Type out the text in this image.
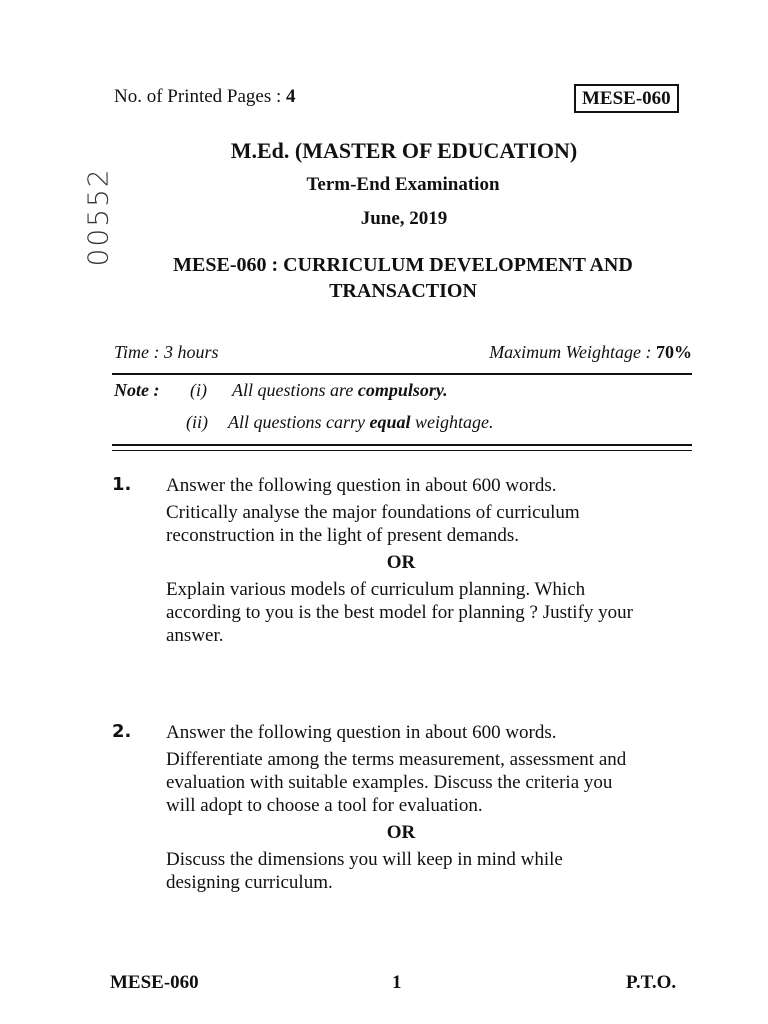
No. of Printed Pages : 4	MESE-060
00552
M.Ed. (MASTER OF EDUCATION)
Term-End Examination
June, 2019
MESE-060 : CURRICULUM DEVELOPMENT AND TRANSACTION
Time : 3 hours	Maximum Weightage : 70%
Note : (i) All questions are compulsory.
(ii) All questions carry equal weightage.
1. Answer the following question in about 600 words.

Critically analyse the major foundations of curriculum reconstruction in the light of present demands.

OR

Explain various models of curriculum planning. Which according to you is the best model for planning ? Justify your answer.

2. Answer the following question in about 600 words.

Differentiate among the terms measurement, assessment and evaluation with suitable examples. Discuss the criteria you will adopt to choose a tool for evaluation.

OR

Discuss the dimensions you will keep in mind while designing curriculum.

MESE-060	1	P.T.O.
